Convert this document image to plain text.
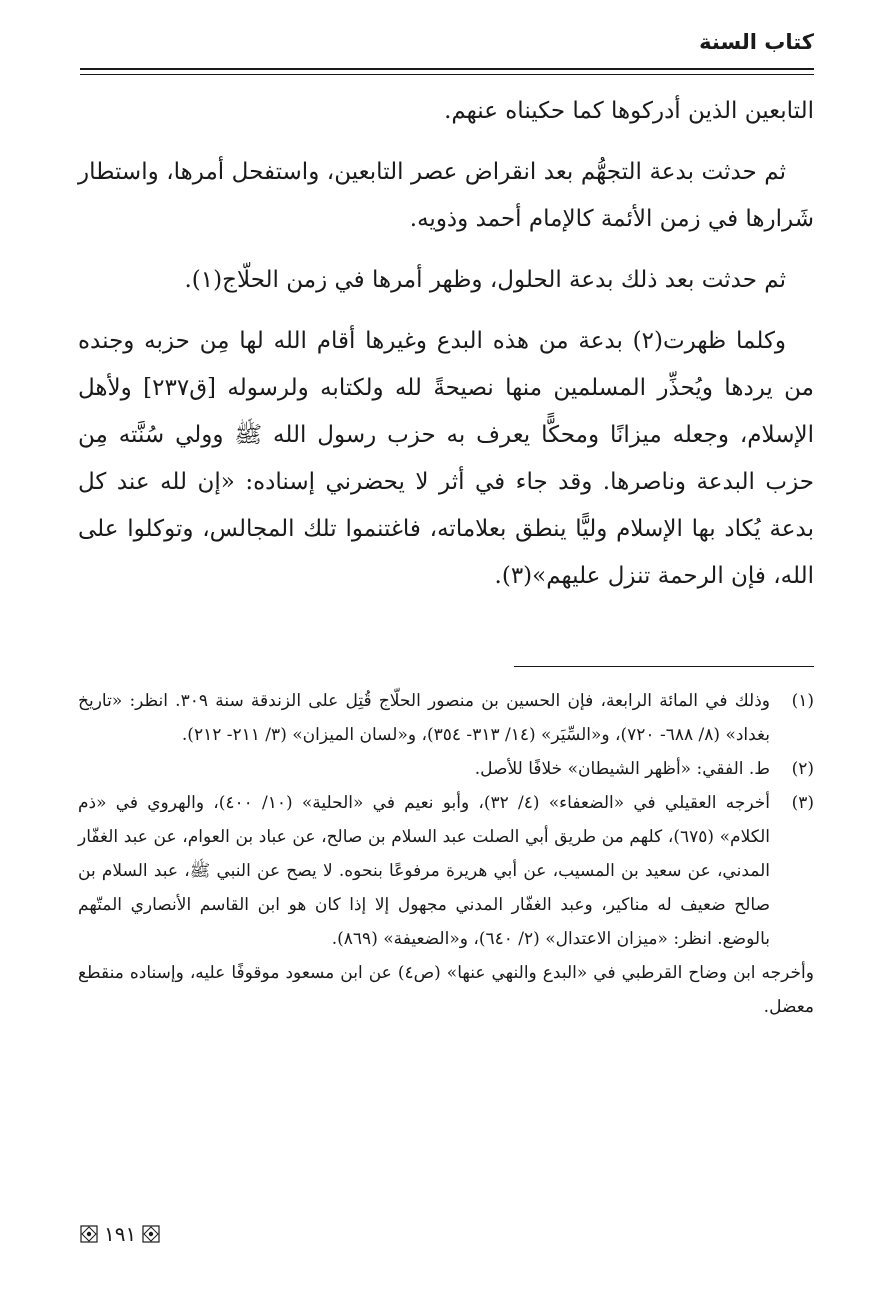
كتاب السنة

التابعين الذين أدركوها كما حكيناه عنهم.

ثم حدثت بدعة التجهُّم بعد انقراض عصر التابعين، واستفحل أمرها، واستطار شَرارها في زمن الأئمة كالإمام أحمد وذويه.

ثم حدثت بعد ذلك بدعة الحلول، وظهر أمرها في زمن الحلّاج(١).

وكلما ظهرت(٢) بدعة من هذه البدع وغيرها أقام الله لها مِن حزبه وجنده من يردها ويُحذِّر المسلمين منها نصيحةً لله ولكتابه ولرسوله [ق٢٣٧] ولأهل الإسلام، وجعله ميزانًا ومحكًّا يعرف به حزب رسول الله ﷺ وولي سُنَّته مِن حزب البدعة وناصرها. وقد جاء في أثر لا يحضرني إسناده: «إن لله عند كل بدعة يُكاد بها الإسلام وليًّا ينطق بعلاماته، فاغتنموا تلك المجالس، وتوكلوا على الله، فإن الرحمة تنزل عليهم»(٣).

(١)
وذلك في المائة الرابعة، فإن الحسين بن منصور الحلّاج قُتِل على الزندقة سنة ٣٠٩. انظر: «تاريخ بغداد» (٨/ ٦٨٨- ٧٢٠)، و«السِّيَر» (١٤/ ٣١٣- ٣٥٤)، و«لسان الميزان» (٣/ ٢١١- ٢١٢).
(٢)
ط. الفقي: «أظهر الشيطان» خلافًا للأصل.
(٣)
أخرجه العقيلي في «الضعفاء» (٤/ ٣٢)، وأبو نعيم في «الحلية» (١٠/ ٤٠٠)، والهروي في «ذم الكلام» (٦٧٥)، كلهم من طريق أبي الصلت عبد السلام بن صالح، عن عباد بن العوام، عن عبد الغفّار المدني، عن سعيد بن المسيب، عن أبي هريرة مرفوعًا بنحوه. لا يصح عن النبي ﷺ، عبد السلام بن صالح ضعيف له مناكير، وعبد الغفّار المدني مجهول إلا إذا كان هو ابن القاسم الأنصاري المتّهم بالوضع. انظر: «ميزان الاعتدال» (٢/ ٦٤٠)، و«الضعيفة» (٨٦٩).
وأخرجه ابن وضاح القرطبي في «البدع والنهي عنها» (ص٤) عن ابن مسعود موقوفًا عليه، وإسناده منقطع معضل.
١٩١
